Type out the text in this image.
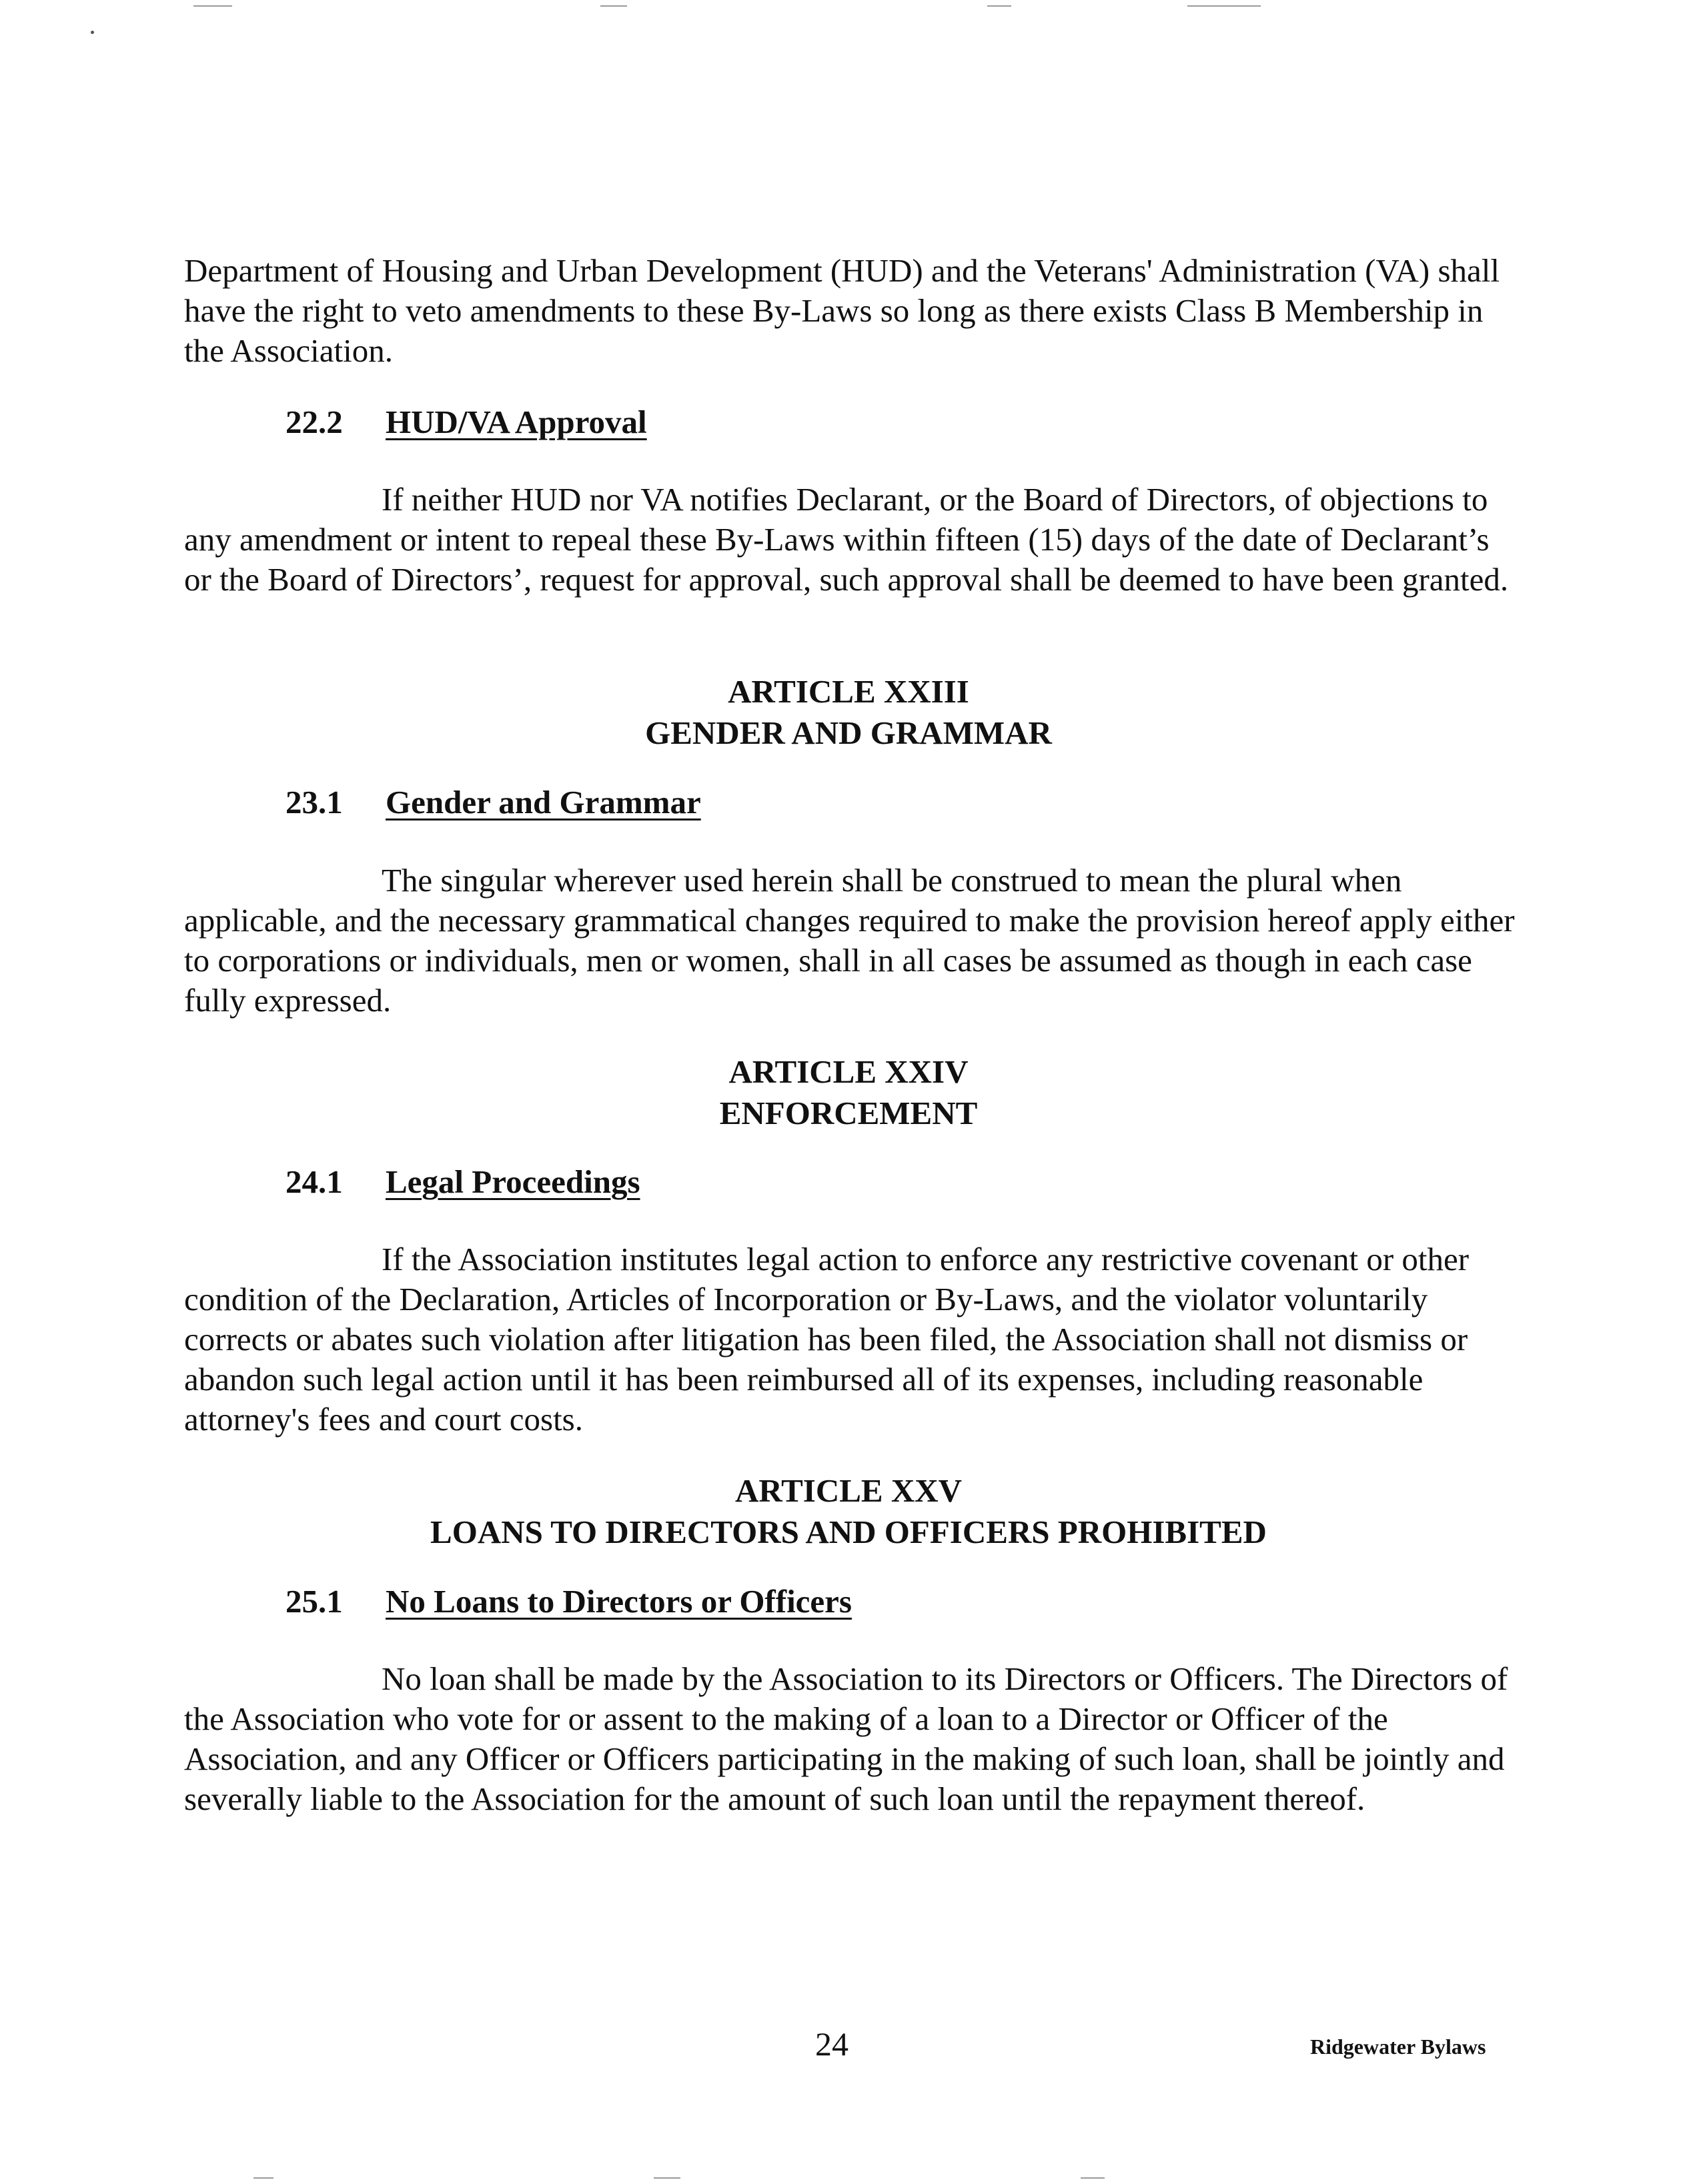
Department of Housing and Urban Development (HUD) and the Veterans' Administration (VA) shall have the right to veto amendments to these By-Laws so long as there exists Class B Membership in the Association.

22.2 HUD/VA Approval

If neither HUD nor VA notifies Declarant, or the Board of Directors, of objections to any amendment or intent to repeal these By-Laws within fifteen (15) days of the date of Declarant’s or the Board of Directors’, request for approval, such approval shall be deemed to have been granted.

ARTICLE XXIII
GENDER AND GRAMMAR
23.1 Gender and Grammar

The singular wherever used herein shall be construed to mean the plural when applicable, and the necessary grammatical changes required to make the provision hereof apply either to corporations or individuals, men or women, shall in all cases be assumed as though in each case fully expressed.

ARTICLE XXIV
ENFORCEMENT
24.1 Legal Proceedings

If the Association institutes legal action to enforce any restrictive covenant or other condition of the Declaration, Articles of Incorporation or By-Laws, and the violator voluntarily corrects or abates such violation after litigation has been filed, the Association shall not dismiss or abandon such legal action until it has been reimbursed all of its expenses, including reasonable attorney's fees and court costs.

ARTICLE XXV
LOANS TO DIRECTORS AND OFFICERS PROHIBITED
25.1 No Loans to Directors or Officers

No loan shall be made by the Association to its Directors or Officers. The Directors of the Association who vote for or assent to the making of a loan to a Director or Officer of the Association, and any Officer or Officers participating in the making of such loan, shall be jointly and severally liable to the Association for the amount of such loan until the repayment thereof.

24	Ridgewater Bylaws
